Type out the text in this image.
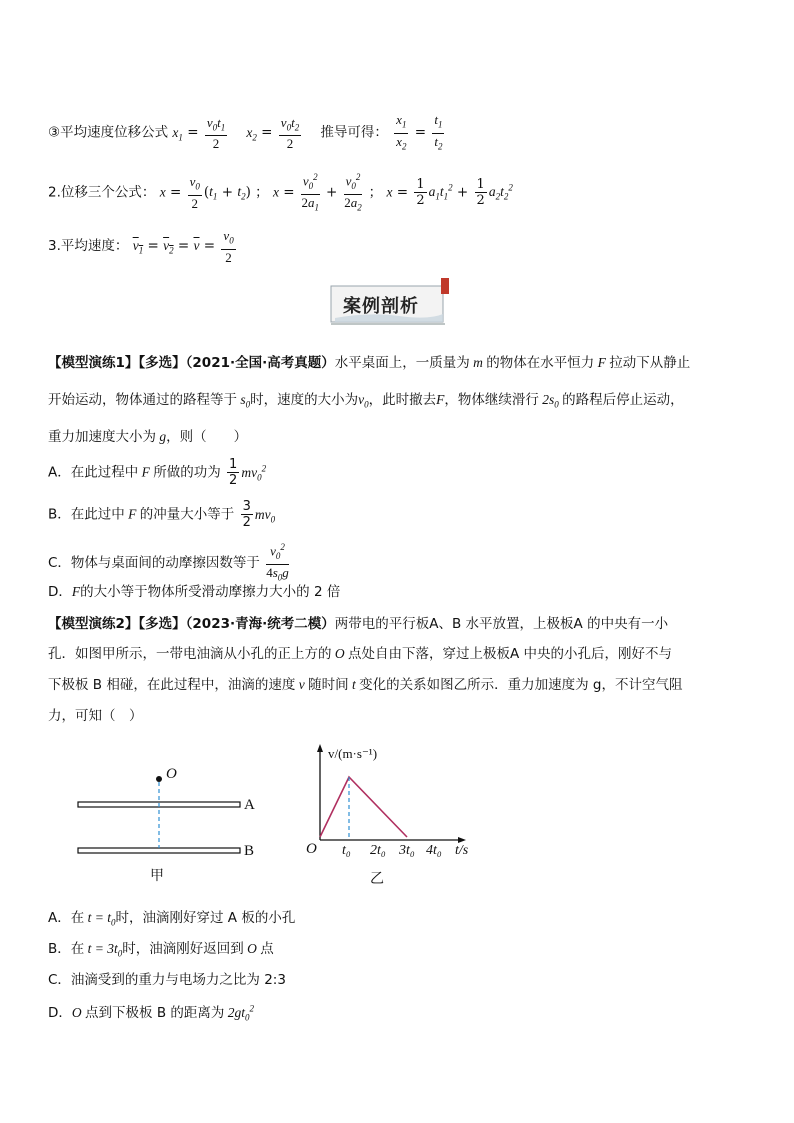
③平均速度位移公式 $x_1 = \frac{v_0t_1}{2} x_2 = \frac{v_0t_2}{2}$ 推导可得： $\frac{x_1}{x_2} = \frac{t_1}{t_2}$
2.位移三个公式： $x = \frac{v_0}{2} (t_1 + t_2)$ ； $x = \frac{v_0^2}{2a_1} + \frac{v_0^2}{2a_2}$ ； $x = \frac{1}{2} a_1t_1^2 + \frac{1}{2} a_2t_2^2$
3.平均速度： $v_1 = v_2 = \overline{v} = \frac{v_0}{2}$
案例剖析
【模型演练1】【多选】（2021·全国·高考真题）水平桌面上，一质量为 m 的物体在水平恒力 F 拉动下从静止
开始运动，物体通过的路程等于 $s_0$时，速度的大小为$v_0$，此时撤去F，物体继续滑行 $2s_0$ 的路程后停止运动，
重力加速度大小为 g，则（　　）
A．在此过程中 F 所做的功为 $\frac{1}{2} mv_0^2$
B．在此过中 F 的冲量大小等于 $\frac{3}{2} mv_0$
C．物体与桌面间的动摩擦因数等于 $\frac{v_0^2}{4s_0g}$
D．F的大小等于物体所受滑动摩擦力大小的 2 倍
【模型演练2】【多选】（2023·青海·统考二模）两带电的平行板A、B 水平放置，上极板A 的中央有一小
孔．如图甲所示，一带电油滴从小孔的正上方的 O 点处自由下落，穿过上极板A 中央的小孔后，刚好不与
下极板 B 相碰，在此过程中，油滴的速度 v 随时间 t 变化的关系如图乙所示．重力加速度为 g，不计空气阻
力，可知（　）
O
A
B
甲
v/(m·s⁻¹)
O t₀ 2t₀ 3t₀ 4t₀ t/s
乙
A．在 $t = t_0$时，油滴刚好穿过 A 板的小孔
B．在 $t = 3t_0$时，油滴刚好返回到 O 点
C．油滴受到的重力与电场力之比为 2:3
D．O 点到下极板 B 的距离为 $2gt_0^2$
